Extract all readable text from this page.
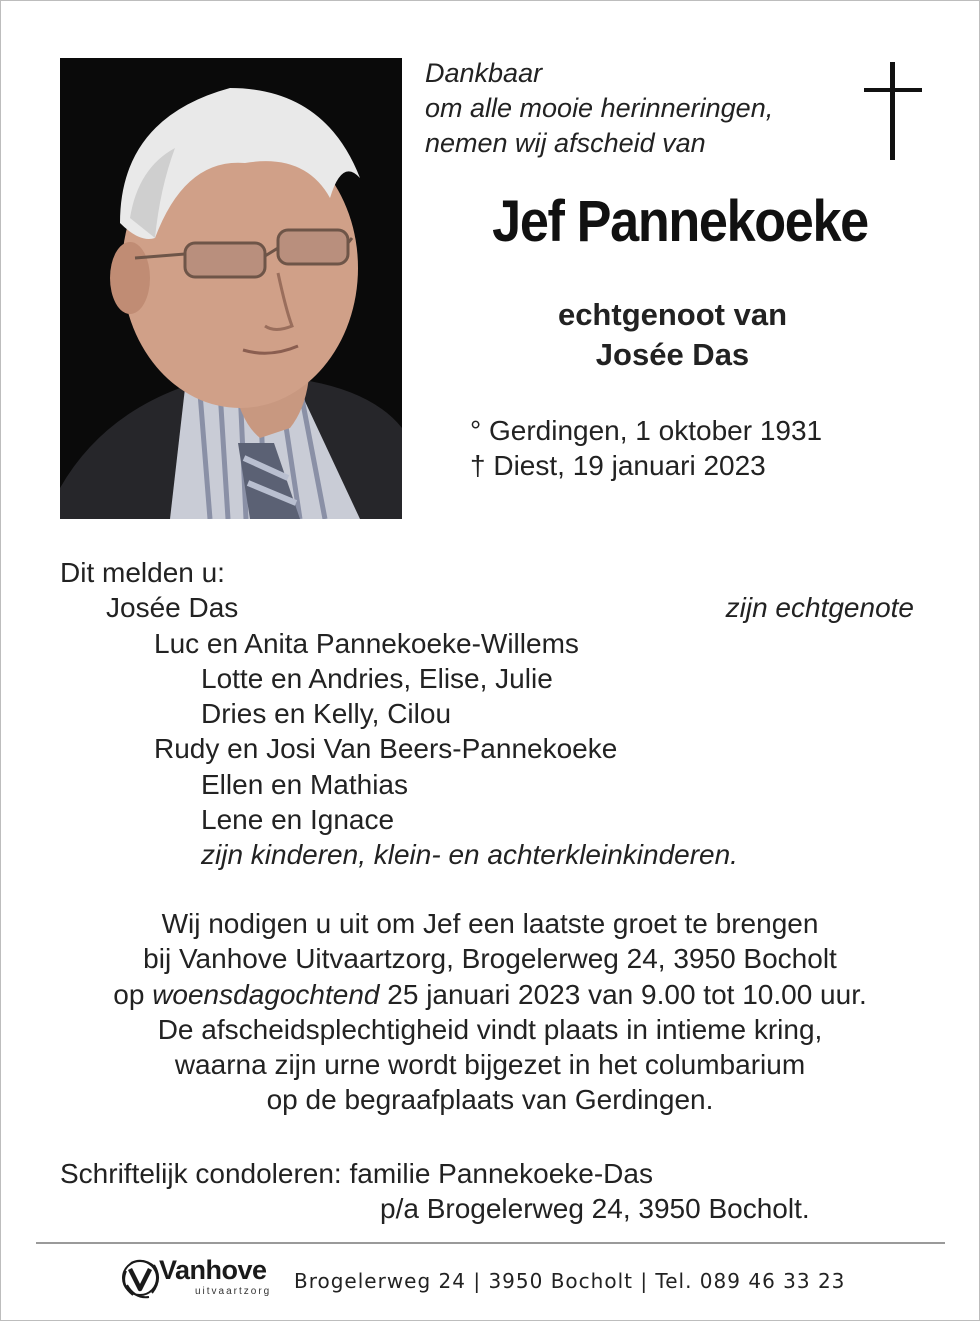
Dankbaar
om alle mooie herinneringen,
nemen wij afscheid van
Jef Pannekoeke
echtgenoot van
Josée Das
° Gerdingen, 1 oktober 1931
† Diest, 19 januari 2023
Dit melden u:
Josée Das	zijn echtgenote
Luc en Anita Pannekoeke-Willems
Lotte en Andries, Elise, Julie
Dries en Kelly, Cilou
Rudy en Josi Van Beers-Pannekoeke
Ellen en Mathias
Lene en Ignace
zijn kinderen, klein- en achterkleinkinderen.
Wij nodigen u uit om Jef een laatste groet te brengen
bij Vanhove Uitvaartzorg, Brogelerweg 24, 3950 Bocholt
op woensdagochtend 25 januari 2023 van 9.00 tot 10.00 uur.
De afscheidsplechtigheid vindt plaats in intieme kring,
waarna zijn urne wordt bijgezet in het columbarium
op de begraafplaats van Gerdingen.
Schriftelijk condoleren: familie Pannekoeke-Das
p/a Brogelerweg 24, 3950 Bocholt.
Vanhove
uitvaartzorg Brogelerweg 24 | 3950 Bocholt | Tel. 089 46 33 23
